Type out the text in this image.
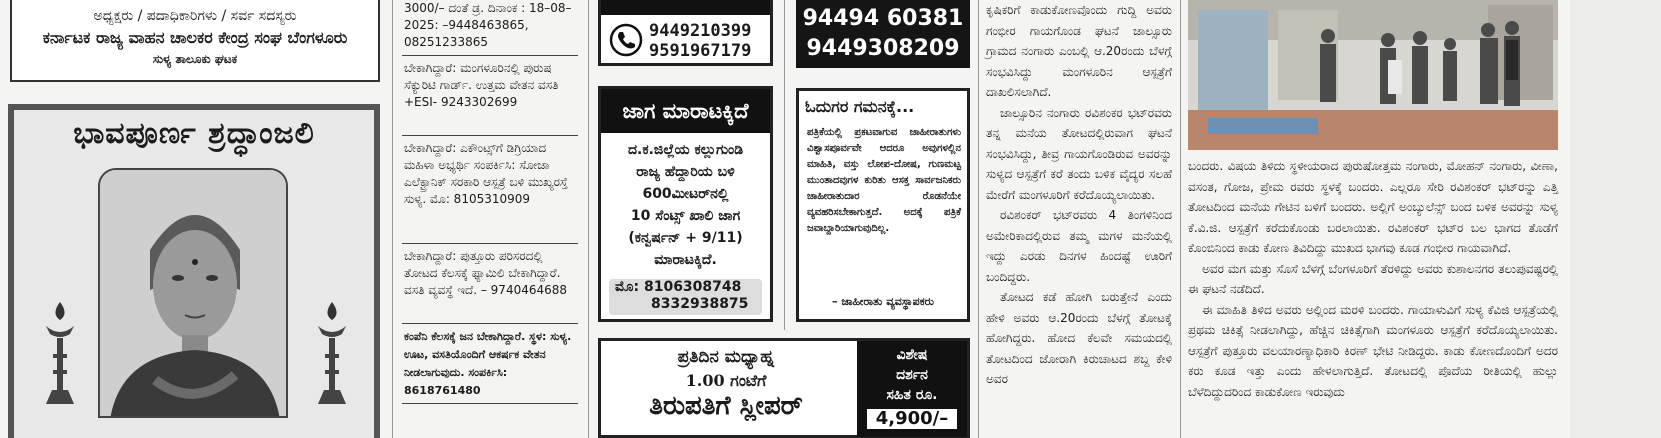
ಅಧ್ಯಕ್ಷರು / ಪದಾಧಿಕಾರಿಗಳು / ಸರ್ವ ಸದಸ್ಯರು
ಕರ್ನಾಟಕ ರಾಜ್ಯ ವಾಹನ ಚಾಲಕರ ಕೇಂದ್ರ ಸಂಘ ಬೆಂಗಳೂರು
ಸುಳ್ಯ ತಾಲೂಕು ಘಟಕ
ಭಾವಪೂರ್ಣ ಶ್ರದ್ಧಾಂಜಲಿ
3000/– ದಂತೆ ಡ್ರ. ದಿನಾಂಕ : 18–08–2025: –9448463865, 08251233865
ಬೇಕಾಗಿದ್ದಾರೆ: ಮಂಗಳೂರಿನಲ್ಲಿ ಪುರುಷ ಸೆಕ್ಯುರಿಟಿ ಗಾರ್ಡ್. ಉತ್ತಮ ವೇತನ ವಸತಿ +ESI- 9243302699
ಬೇಕಾಗಿದ್ದಾರೆ: ಎಕೌಂಟ್ಸ್‌ಗೆ ಡಿಗ್ರಿಯಾದ ಮಹಿಳಾ ಅಭ್ಯರ್ಥಿ ಸಂಪರ್ಕಿಸಿ: ಸೋಜಾ ಎಲೆಕ್ಟ್ರಾನಿಕ್ ಸರಕಾರಿ ಆಸ್ಪತ್ರೆ ಬಳಿ ಮುಖ್ಯರಸ್ತೆ ಸುಳ್ಯ. ಮೊ: 8105310909
ಬೇಕಾಗಿದ್ದಾರೆ: ಪುತ್ತೂರು ಪರಿಸರದಲ್ಲಿ ತೋಟದ ಕೆಲಸಕ್ಕೆ ಫ್ಯಾಮಿಲಿ ಬೇಕಾಗಿದ್ದಾರೆ. ವಸತಿ ವ್ಯವಸ್ಥೆ ಇದೆ. – 9740464688
ಕಂಪೆನಿ ಕೆಲಸಕ್ಕೆ ಜನ ಬೇಕಾಗಿದ್ದಾರೆ. ಸ್ಥಳ: ಸುಳ್ಯ. ಊಟ, ವಸತಿಯೊಂದಿಗೆ ಆಕರ್ಷಕ ವೇತನ ನೀಡಲಾಗುವುದು. ಸಂಪರ್ಕಿಸಿ: 8618761480
9449210399
9591967179
ಜಾಗ ಮಾರಾಟಕ್ಕಿದೆ
ದ.ಕ.ಜಿಲ್ಲೆಯ ಕಲ್ಲುಗುಂಡಿ
ರಾಜ್ಯ ಹೆದ್ದಾರಿಯ ಬಳಿ
600ಮೀಟರ್‌ನಲ್ಲಿ
10 ಸೆಂಟ್ಸ್ ಖಾಲಿ ಜಾಗ
(ಕನ್ವರ್ಷನ್ + 9/11)
ಮಾರಾಟಕ್ಕಿದೆ.
ಮೊ: 8106308748
8332938875
ಪ್ರತಿದಿನ ಮಧ್ಯಾಹ್ನ
1.00 ಗಂಟೆಗೆ
ತಿರುಪತಿಗೆ ಸ್ಲೀಪರ್
ವಿಶೇಷ
ದರ್ಶನ
ಸಹಿತ ರೂ.
4,900/–
94494 60381
9449308209
ಓದುಗರ ಗಮನಕ್ಕೆ...
ಪತ್ರಿಕೆಯಲ್ಲಿ ಪ್ರಕಟವಾಗುವ ಜಾಹೀರಾತುಗಳು ವಿಶ್ವಾಸಪೂರ್ವವೇ ಆದರೂ ಅವುಗಳಲ್ಲಿನ ಮಾಹಿತಿ, ವಸ್ತು ಲೋಪ-ದೋಷ, ಗುಣಮಟ್ಟ ಮುಂತಾದವುಗಳ ಕುರಿತು ಆಸಕ್ತ ಸಾರ್ವಜನಿಕರು ಜಾಹೀರಾತುದಾರ ರೊಡನೆಯೇ ವ್ಯವಹರಿಸಬೇಕಾಗುತ್ತದೆ. ಅದಕ್ಕೆ ಪತ್ರಿಕೆ ಜವಾಬ್ದಾರಿಯಾಗುವುದಿಲ್ಲ.
– ಜಾಹೀರಾತು ವ್ಯವಸ್ಥಾಪಕರು

ಕೃಷಿಕರಿಗೆ ಕಾಡುಕೋಣವೊಂದು ಗುದ್ದಿ ಅವರು ಗಂಭೀರ ಗಾಯಗೊಂಡ ಘಟನೆ ಜಾಲ್ಸೂರು ಗ್ರಾಮದ ನಂಗಾರು ಎಂಬಲ್ಲಿ ಆ.20ರಂದು ಬೆಳಗ್ಗೆ ಸಂಭವಿಸಿದ್ದು ಮಂಗಳೂರಿನ ಆಸ್ಪತ್ರೆಗೆ ದಾಖಲಿಸಲಾಗಿದೆ.

ಜಾಲ್ಸೂರಿನ ನಂಗಾರು ರವಿಶಂಕರ ಭಟ್‌ರವರು ತನ್ನ ಮನೆಯ ತೋಟದಲ್ಲಿರುವಾಗ ಘಟನೆ ಸಂಭವಿಸಿದ್ದು, ತೀವ್ರ ಗಾಯಗೊಂಡಿರುವ ಅವರನ್ನು ಸುಳ್ಯದ ಆಸ್ಪತ್ರೆಗೆ ಕರೆ ತಂದು ಬಳಿಕ ವೈದ್ಯರ ಸಲಹೆ ಮೇರೆಗೆ ಮಂಗಳೂರಿಗೆ ಕರೆದೊಯ್ಯಲಾಯಿತು.

ರವಿಶಂಕರ್ ಭಟ್‌ರವರು 4 ತಿಂಗಳಿನಿಂದ ಅಮೇರಿಕಾದಲ್ಲಿರುವ ತಮ್ಮ ಮಗಳ ಮನೆಯಲ್ಲಿ ಇದ್ದು ಎರಡು ದಿನಗಳ ಹಿಂದಷ್ಟೆ ಊರಿಗೆ ಬಂದಿದ್ದರು.

ತೋಟದ ಕಡೆ ಹೋಗಿ ಬರುತ್ತೇನೆ ಎಂದು ಹೇಳಿ ಅವರು ಆ.20ರಂದು ಬೆಳಗ್ಗೆ ತೋಟಕ್ಕೆ ಹೋಗಿದ್ದರು. ಹೋದ ಕೆಲವೇ ಸಮಯದಲ್ಲಿ ತೋಟದಿಂದ ಜೋರಾಗಿ ಕಿರುಚಾಟದ ಶಬ್ದ ಕೇಳಿ ಅವರ

ಬಂದರು. ವಿಷಯ ತಿಳಿದು ಸ್ಥಳೀಯರಾದ ಪುರುಷೋತ್ತಮ ನಂಗಾರು, ಮೋಹನ್ ನಂಗಾರು, ವೀಣಾ, ವಸಂತ, ಗೋಜ, ಪ್ರೇಮ ರವರು ಸ್ಥಳಕ್ಕೆ ಬಂದರು. ಎಲ್ಲರೂ ಸೇರಿ ರವಿಶಂಕರ್ ಭಟ್‌ರನ್ನು ಎತ್ತಿ ತೋಟದಿಂದ ಮನೆಯ ಗೇಟಿನ ಬಳಿಗೆ ಬಂದರು. ಅಲ್ಲಿಗೆ ಅಂಬ್ಯುಲೆನ್ಸ್ ಬಂದ ಬಳಿಕ ಅವರನ್ನು ಸುಳ್ಯ ಕೆ.ವಿ.ಜಿ. ಆಸ್ಪತ್ರೆಗೆ ಕರೆದುಕೊಂಡು ಬರಲಾಯಿತು. ರವಿಶಂಕರ್ ಭಟ್‌ರ ಬಲ ಭಾಗದ ತೊಡೆಗೆ ಕೊಂಬಿನಿಂದ ಕಾಡು ಕೋಣ ತಿವಿದಿದ್ದು ಮುಖದ ಭಾಗವು ಕೂಡ ಗಂಭೀರ ಗಾಯವಾಗಿದೆ.

ಅವರ ಮಗ ಮತ್ತು ಸೊಸೆ ಬೆಳಗ್ಗೆ ಬೆಂಗಳೂರಿಗೆ ತೆರಳಿದ್ದು ಅವರು ಕುಶಾಲನಗರ ತಲುಪುವಷ್ಟರಲ್ಲಿ ಈ ಘಟನೆ ನಡೆದಿದೆ.

ಈ ಮಾಹಿತಿ ತಿಳಿದ ಅವರು ಅಲ್ಲಿಂದ ಮರಳಿ ಬಂದರು. ಗಾಯಾಳುವಿಗೆ ಸುಳ್ಯ ಕೆವಿಜಿ ಆಸ್ಪತ್ರೆಯಲ್ಲಿ ಪ್ರಥಮ ಚಿಕಿತ್ಸೆ ನೀಡಲಾಗಿದ್ದು, ಹೆಚ್ಚಿನ ಚಿಕಿತ್ಸೆಗಾಗಿ ಮಂಗಳೂರು ಆಸ್ಪತ್ರೆಗೆ ಕರೆದೊಯ್ಯಲಾಯಿತು. ಆಸ್ಪತ್ರೆಗೆ ಪುತ್ತೂರು ವಲಯಾರಣ್ಯಾಧಿಕಾರಿ ಕಿರಣ್ ಭೇಟಿ ನೀಡಿದ್ದರು. ಕಾಡು ಕೋಣದೊಂದಿಗೆ ಅದರ ಕರು ಕೂಡ ಇತ್ತು ಎಂದು ಹೇಳಲಾಗುತ್ತಿದೆ. ತೋಟದಲ್ಲಿ ಪೊದೆಯ ರೀತಿಯಲ್ಲಿ ಹುಲ್ಲು ಬೆಳೆದಿದ್ದುದರಿಂದ ಕಾಡುಕೋಣ ಇರುವುದು
